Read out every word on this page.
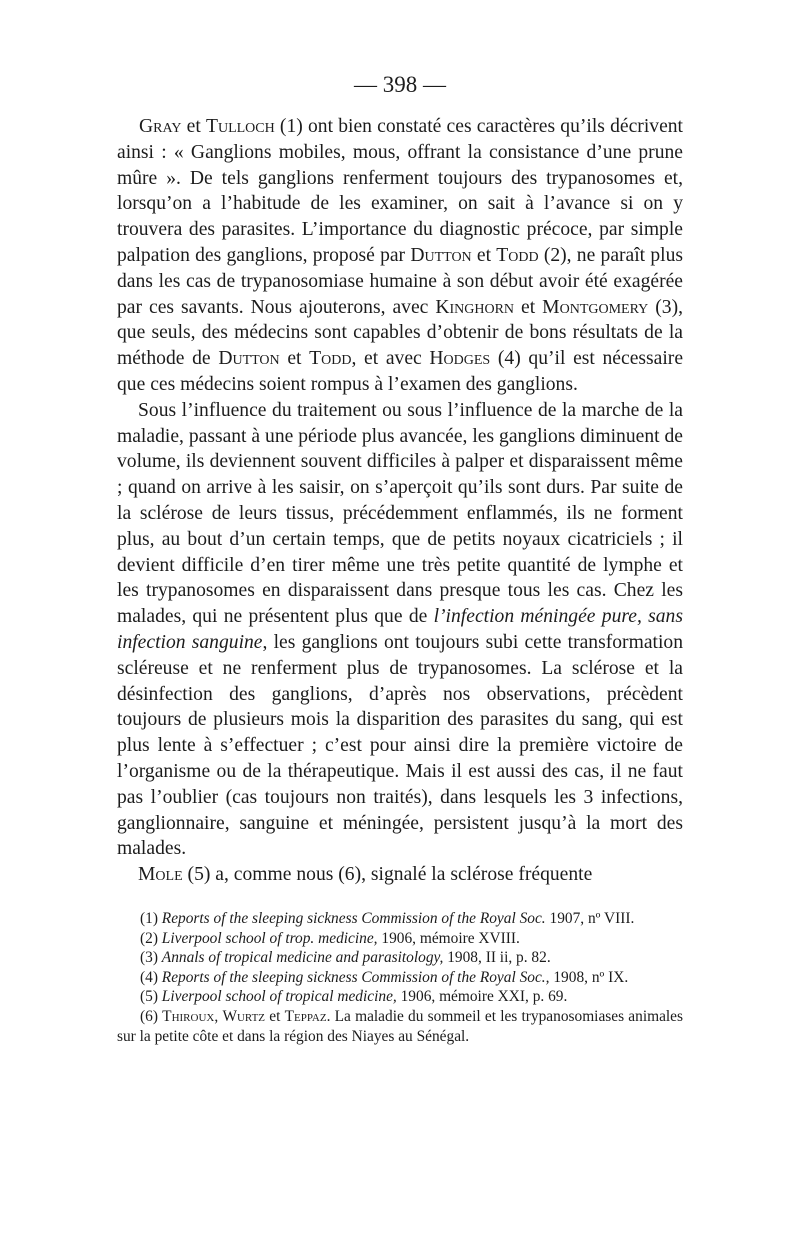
— 398 —

Gray et Tulloch (1) ont bien constaté ces caractères qu’ils décrivent ainsi : « Ganglions mobiles, mous, offrant la consistance d’une prune mûre ». De tels ganglions renferment toujours des trypanosomes et, lorsqu’on a l’habitude de les examiner, on sait à l’avance si on y trouvera des parasites. L’importance du diagnostic précoce, par simple palpation des ganglions, proposé par Dutton et Todd (2), ne paraît plus dans les cas de trypanosomiase humaine à son début avoir été exagérée par ces savants. Nous ajouterons, avec Kinghorn et Montgomery (3), que seuls, des médecins sont capables d’obtenir de bons résultats de la méthode de Dutton et Todd, et avec Hodges (4) qu’il est nécessaire que ces médecins soient rompus à l’examen des ganglions.

Sous l’influence du traitement ou sous l’influence de la marche de la maladie, passant à une période plus avancée, les ganglions diminuent de volume, ils deviennent souvent difficiles à palper et disparaissent même ; quand on arrive à les saisir, on s’aperçoit qu’ils sont durs. Par suite de la sclérose de leurs tissus, précédemment enflammés, ils ne forment plus, au bout d’un certain temps, que de petits noyaux cicatriciels ; il devient difficile d’en tirer même une très petite quantité de lymphe et les trypanosomes en disparaissent dans presque tous les cas. Chez les malades, qui ne présentent plus que de l’infection méningée pure, sans infection sanguine, les ganglions ont toujours subi cette transformation scléreuse et ne renferment plus de trypanosomes. La sclérose et la désinfection des ganglions, d’après nos observations, précèdent toujours de plusieurs mois la disparition des parasites du sang, qui est plus lente à s’effectuer ; c’est pour ainsi dire la première victoire de l’organisme ou de la thérapeutique. Mais il est aussi des cas, il ne faut pas l’oublier (cas toujours non traités), dans lesquels les 3 infections, ganglionnaire, sanguine et méningée, persistent jusqu’à la mort des malades.

Mole (5) a, comme nous (6), signalé la sclérose fréquente

(1) Reports of the sleeping sickness Commission of the Royal Soc. 1907, nº VIII.

(2) Liverpool school of trop. medicine, 1906, mémoire XVIII.

(3) Annals of tropical medicine and parasitology, 1908, II ii, p. 82.

(4) Reports of the sleeping sickness Commission of the Royal Soc., 1908, nº IX.

(5) Liverpool school of tropical medicine, 1906, mémoire XXI, p. 69.

(6) Thiroux, Wurtz et Teppaz. La maladie du sommeil et les trypanosomiases animales sur la petite côte et dans la région des Niayes au Sénégal.
